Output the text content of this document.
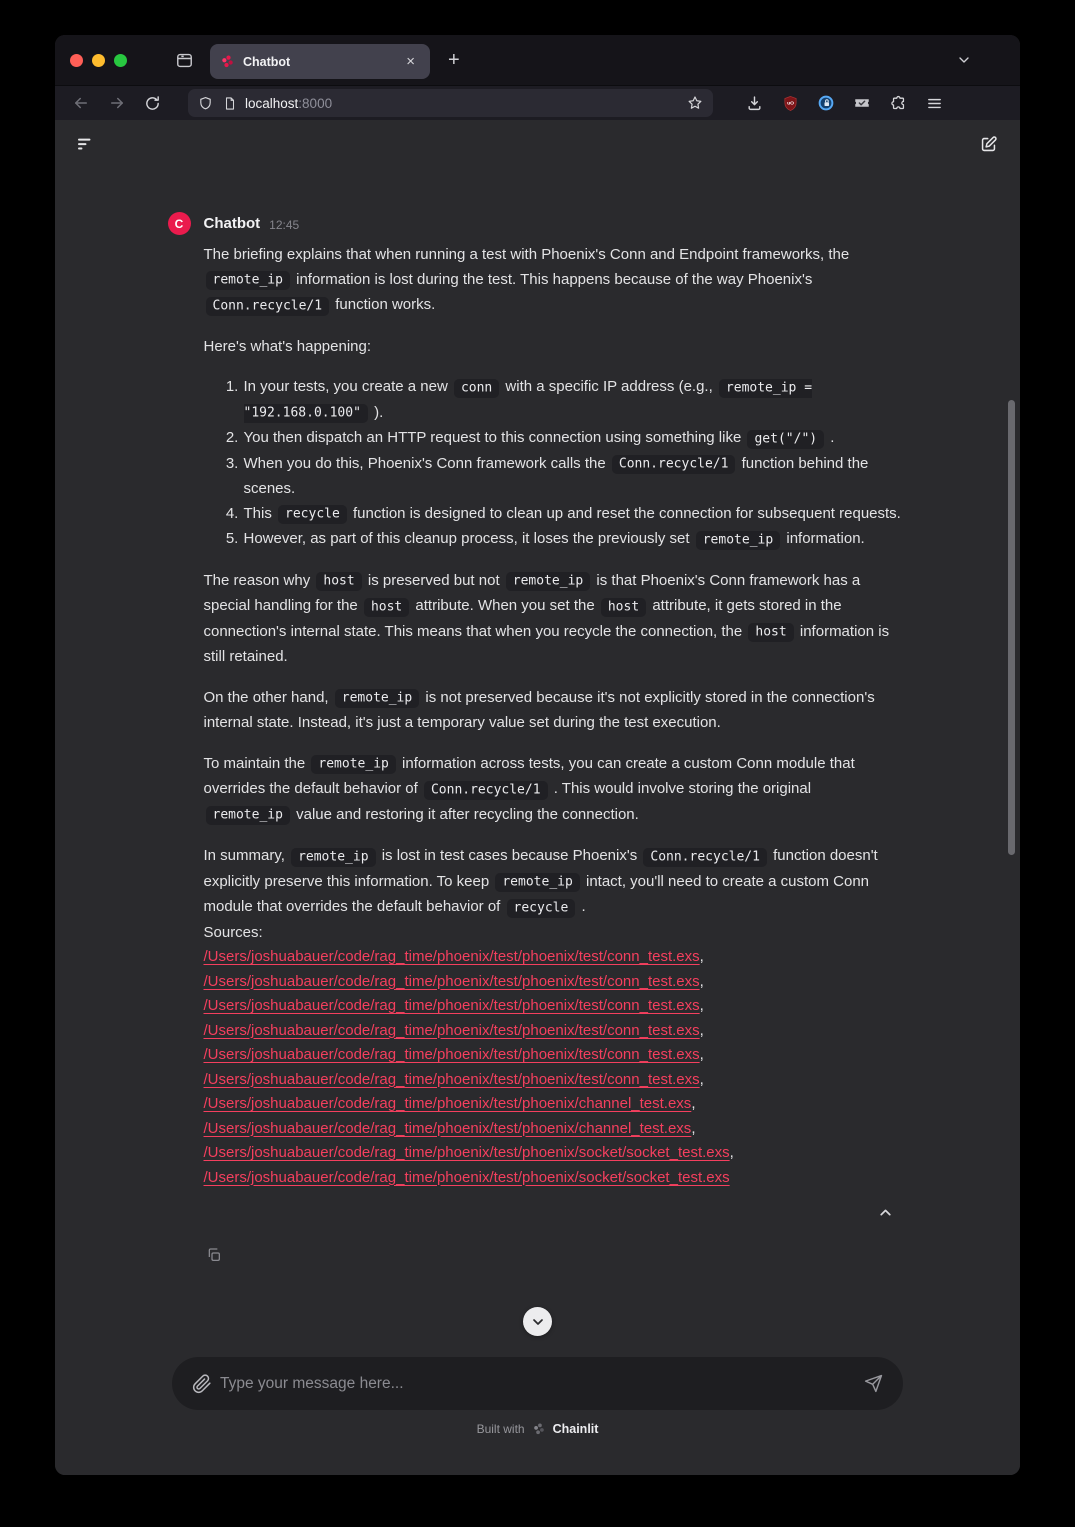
Chatbot	×	+
localhost:8000	uO
C	Chatbot 12:45

The briefing explains that when running a test with Phoenix's Conn and Endpoint frameworks, the remote_ip information is lost during the test. This happens because of the way Phoenix's Conn.recycle/1 function works.

Here's what's happening:

1. In your tests, you create a new conn with a specific IP address (e.g., remote_ip = "192.168.0.100" ).
2. You then dispatch an HTTP request to this connection using something like get("/") .
3. When you do this, Phoenix's Conn framework calls the Conn.recycle/1 function behind the scenes.
4. This recycle function is designed to clean up and reset the connection for subsequent requests.
5. However, as part of this cleanup process, it loses the previously set remote_ip information.

The reason why host is preserved but not remote_ip is that Phoenix's Conn framework has a special handling for the host attribute. When you set the host attribute, it gets stored in the connection's internal state. This means that when you recycle the connection, the host information is still retained.

On the other hand, remote_ip is not preserved because it's not explicitly stored in the connection's internal state. Instead, it's just a temporary value set during the test execution.

To maintain the remote_ip information across tests, you can create a custom Conn module that overrides the default behavior of Conn.recycle/1 . This would involve storing the original remote_ip value and restoring it after recycling the connection.

In summary, remote_ip is lost in test cases because Phoenix's Conn.recycle/1 function doesn't explicitly preserve this information. To keep remote_ip intact, you'll need to create a custom Conn module that overrides the default behavior of recycle .

Sources:

/Users/joshuabauer/code/rag_time/phoenix/test/phoenix/test/conn_test.exs,
/Users/joshuabauer/code/rag_time/phoenix/test/phoenix/test/conn_test.exs,
/Users/joshuabauer/code/rag_time/phoenix/test/phoenix/test/conn_test.exs,
/Users/joshuabauer/code/rag_time/phoenix/test/phoenix/test/conn_test.exs,
/Users/joshuabauer/code/rag_time/phoenix/test/phoenix/test/conn_test.exs,
/Users/joshuabauer/code/rag_time/phoenix/test/phoenix/test/conn_test.exs,
/Users/joshuabauer/code/rag_time/phoenix/test/phoenix/channel_test.exs,
/Users/joshuabauer/code/rag_time/phoenix/test/phoenix/channel_test.exs,
/Users/joshuabauer/code/rag_time/phoenix/test/phoenix/socket/socket_test.exs,
/Users/joshuabauer/code/rag_time/phoenix/test/phoenix/socket/socket_test.exs
Type your message here...
Built with Chainlit
